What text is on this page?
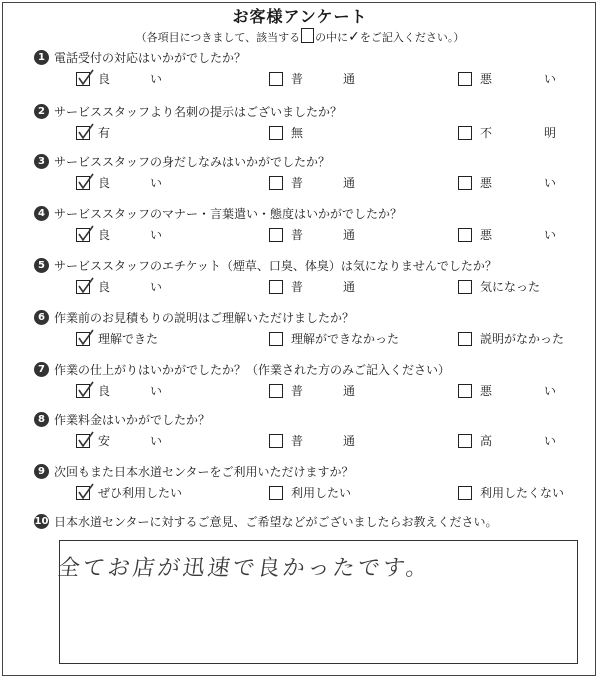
お客様アンケート
（各項目につきまして、該当する の中に✓をご記入ください。）
1 電話受付の対応はいかがでしたか？
良	い	普	通	悪	い
2 サービススタッフより名刺の提示はございましたか？
有	無	不	明
3 サービススタッフの身だしなみはいかがでしたか？
良	い	普	通	悪	い
4 サービススタッフのマナー・言葉遣い・態度はいかがでしたか？
良	い	普	通	悪	い
5 サービススタッフのエチケット（煙草、口臭、体臭）は気になりませんでしたか？
良	い	普	通	気になった
6 作業前のお見積もりの説明はご理解いただけましたか？
理解できた	理解ができなかった	説明がなかった
7 作業の仕上がりはいかがでしたか？（作業された方のみご記入ください）
良	い	普	通	悪	い
8 作業料金はいかがでしたか？
安	い	普	通	高	い
9 次回もまた日本水道センターをご利用いただけますか？
ぜひ利用したい	利用したい	利用したくない
10 日本水道センターに対するご意見、ご希望などがございましたらお教えください。
全てお店が迅速で良かったです。
